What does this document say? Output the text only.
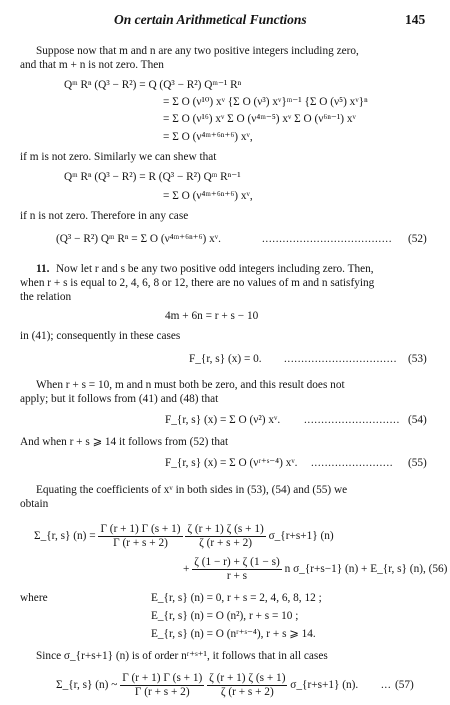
On certain Arithmetical Functions	145
Suppose now that m and n are any two positive integers including zero,
and that m + n is not zero. Then
Qᵐ Rⁿ (Q³ − R²) = Q (Q³ − R²) Qᵐ⁻¹ Rⁿ
= Σ O (ν¹⁰) xᵛ {Σ O (ν³) xᵛ}ᵐ⁻¹ {Σ O (ν⁵) xᵛ}ⁿ
= Σ O (ν¹⁶) xᵛ Σ O (ν⁴ᵐ⁻⁵) xᵛ Σ O (ν⁶ⁿ⁻¹) xᵛ
= Σ O (ν⁴ᵐ⁺⁶ⁿ⁺⁶) xᵛ,
if m is not zero. Similarly we can shew that
Qᵐ Rⁿ (Q³ − R²) = R (Q³ − R²) Qᵐ Rⁿ⁻¹
= Σ O (ν⁴ᵐ⁺⁶ⁿ⁺⁶) xᵛ,
if n is not zero. Therefore in any case
(Q³ − R²) Qᵐ Rⁿ = Σ O (ν⁴ᵐ⁺⁶ⁿ⁺⁶) xᵛ.	...................................... (52)
11. Now let r and s be any two positive odd integers including zero. Then,
when r + s is equal to 2, 4, 6, 8 or 12, there are no values of m and n satisfying
the relation
4m + 6n = r + s − 10
in (41); consequently in these cases
F_{r, s} (x) = 0. ................................. (53)
When r + s = 10, m and n must both be zero, and this result does not
apply; but it follows from (41) and (48) that
F_{r, s} (x) = Σ O (ν²) xᵛ. ............................ (54)
And when r + s ⩾ 14 it follows from (52) that
F_{r, s} (x) = Σ O (νʳ⁺ˢ⁻⁴) xᵛ. ........................ (55)
Equating the coefficients of xᵛ in both sides in (53), (54) and (55) we
obtain
Σ_{r, s} $(n) = \frac{\Gamma (r + 1) \Gamma (s + 1)}{\Gamma (r + s + 2)}$
$\frac{\zeta (r + 1) \zeta (s + 1)}{\zeta (r + s + 2)}$ σ_{r+s+1} (n)
+ $\frac{\zeta (1 - r) + \zeta (1 - s)}{r + s}$ n σ_{r+s−1} (n) + E_{r, s} (n), (56)
where	E_{r, s} (n) = 0, r + s = 2, 4, 6, 8, 12 ;
E_{r, s} (n) = O (n²), r + s = 10 ;
E_{r, s} (n) = O (nʳ⁺ˢ⁻⁴), r + s ⩾ 14.
Since σ_{r+s+1} (n) is of order nʳ⁺ˢ⁺¹, it follows that in all cases
Σ_{r, s} (n) ~ $\frac{\Gamma (r + 1) \Gamma (s + 1)}{\Gamma (r + s + 2)}$
$\frac{\zeta (r + 1) \zeta (s + 1)}{\zeta (r + s + 2)}$ σ_{r+s+1} (n). ... (57)
